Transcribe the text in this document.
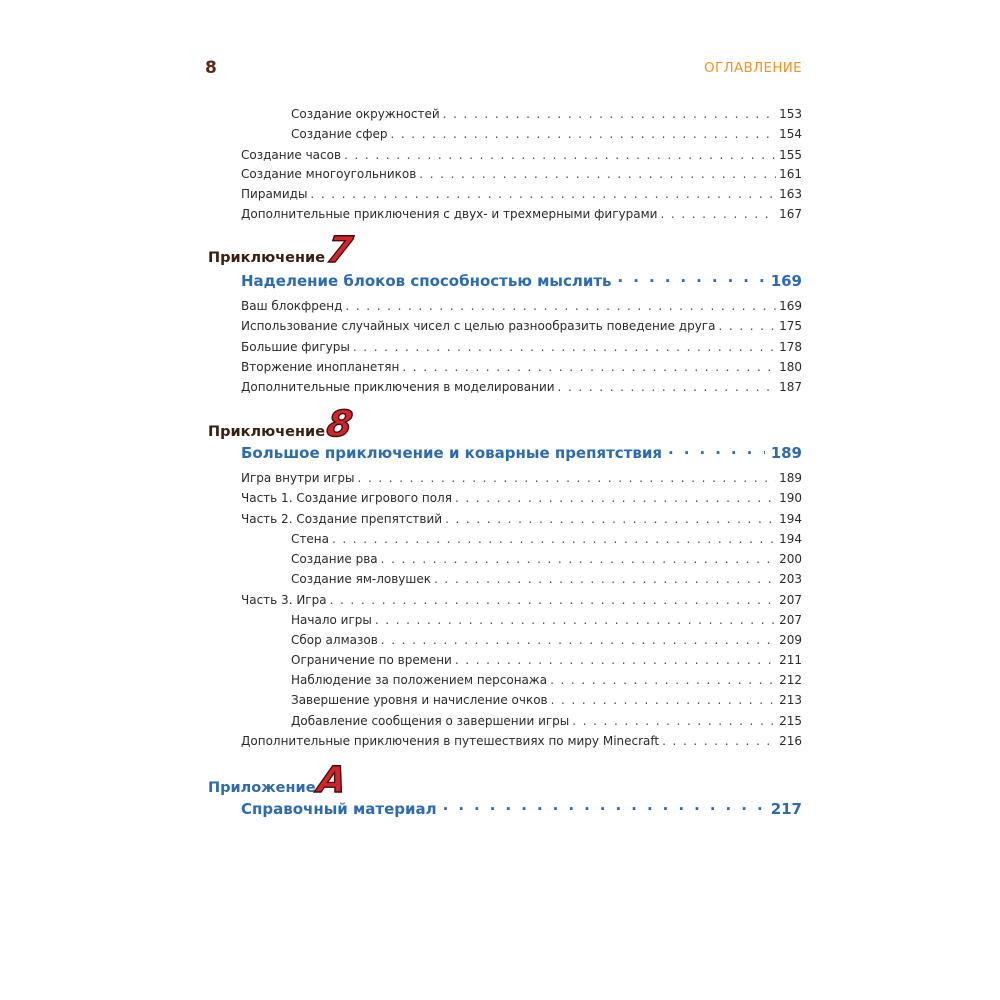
8	ОГЛАВЛЕНИЕ
Создание окружностей . . .	153
Создание сфер . . .	154
Создание часов . . .	155
Создание многоугольников . . .	161
Пирамиды . . .	163
Дополнительные приключения с двух- и трехмерными фигурами . . .	167
Приключение 7
Наделение блоков способностью мыслить · · ·	169
Ваш блокфренд . . .	169
Использование случайных чисел с целью разнообразить поведение друга . . .	175
Большие фигуры . . .	178
Вторжение инопланетян . . .	180
Дополнительные приключения в моделировании . . .	187
Приключение 8
Большое приключение и коварные препятствия · · ·	189
Игра внутри игры . . .	189
Часть 1. Создание игрового поля . . .	190
Часть 2. Создание препятствий . . .	194
Стена . . .	194
Создание рва . . .	200
Создание ям-ловушек . . .	203
Часть 3. Игра . . .	207
Начало игры . . .	207
Сбор алмазов . . .	209
Ограничение по времени . . .	211
Наблюдение за положением персонажа . . .	212
Завершение уровня и начисление очков . . .	213
Добавление сообщения о завершении игры . . .	215
Дополнительные приключения в путешествиях по миру Minecraft . . .	216
Приложение A
Справочный материал · · ·	217
